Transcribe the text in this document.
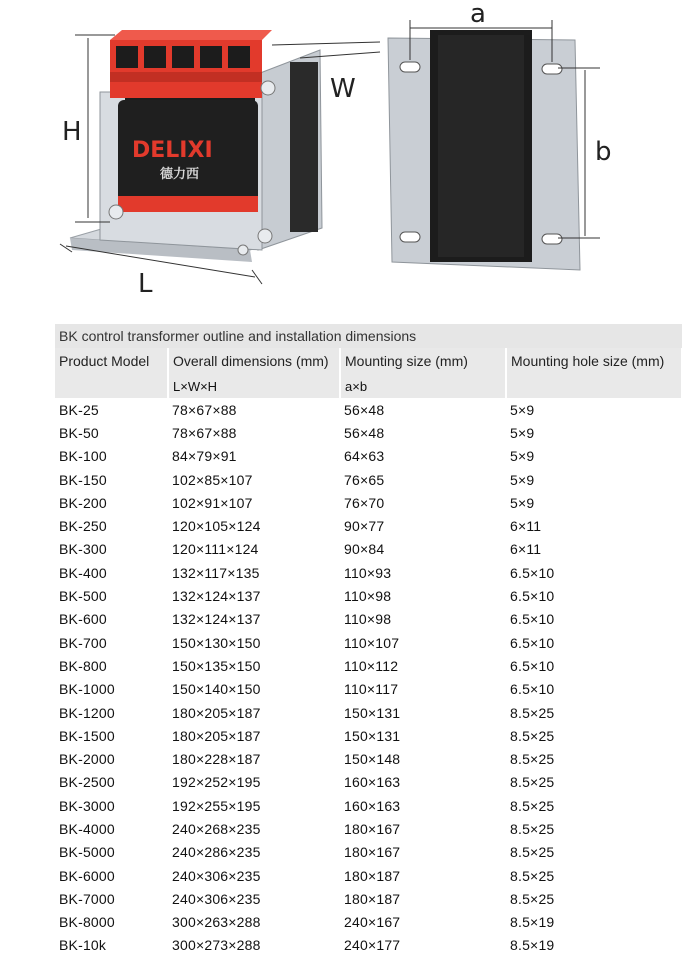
DELIXI
德力西
H
W
L
a
b
BK control transformer outline and installation dimensions			
Product Model	Overall dimensions (mm)	Mounting size (mm)	Mounting hole size (mm)
	L×W×H	a×b	
BK-25	78×67×88	56×48	5×9
BK-50	78×67×88	56×48	5×9
BK-100	84×79×91	64×63	5×9
BK-150	102×85×107	76×65	5×9
BK-200	102×91×107	76×70	5×9
BK-250	120×105×124	90×77	6×11
BK-300	120×111×124	90×84	6×11
BK-400	132×117×135	110×93	6.5×10
BK-500	132×124×137	110×98	6.5×10
BK-600	132×124×137	110×98	6.5×10
BK-700	150×130×150	110×107	6.5×10
BK-800	150×135×150	110×112	6.5×10
BK-1000	150×140×150	110×117	6.5×10
BK-1200	180×205×187	150×131	8.5×25
BK-1500	180×205×187	150×131	8.5×25
BK-2000	180×228×187	150×148	8.5×25
BK-2500	192×252×195	160×163	8.5×25
BK-3000	192×255×195	160×163	8.5×25
BK-4000	240×268×235	180×167	8.5×25
BK-5000	240×286×235	180×167	8.5×25
BK-6000	240×306×235	180×187	8.5×25
BK-7000	240×306×235	180×187	8.5×25
BK-8000	300×263×288	240×167	8.5×19
BK-10k	300×273×288	240×177	8.5×19
